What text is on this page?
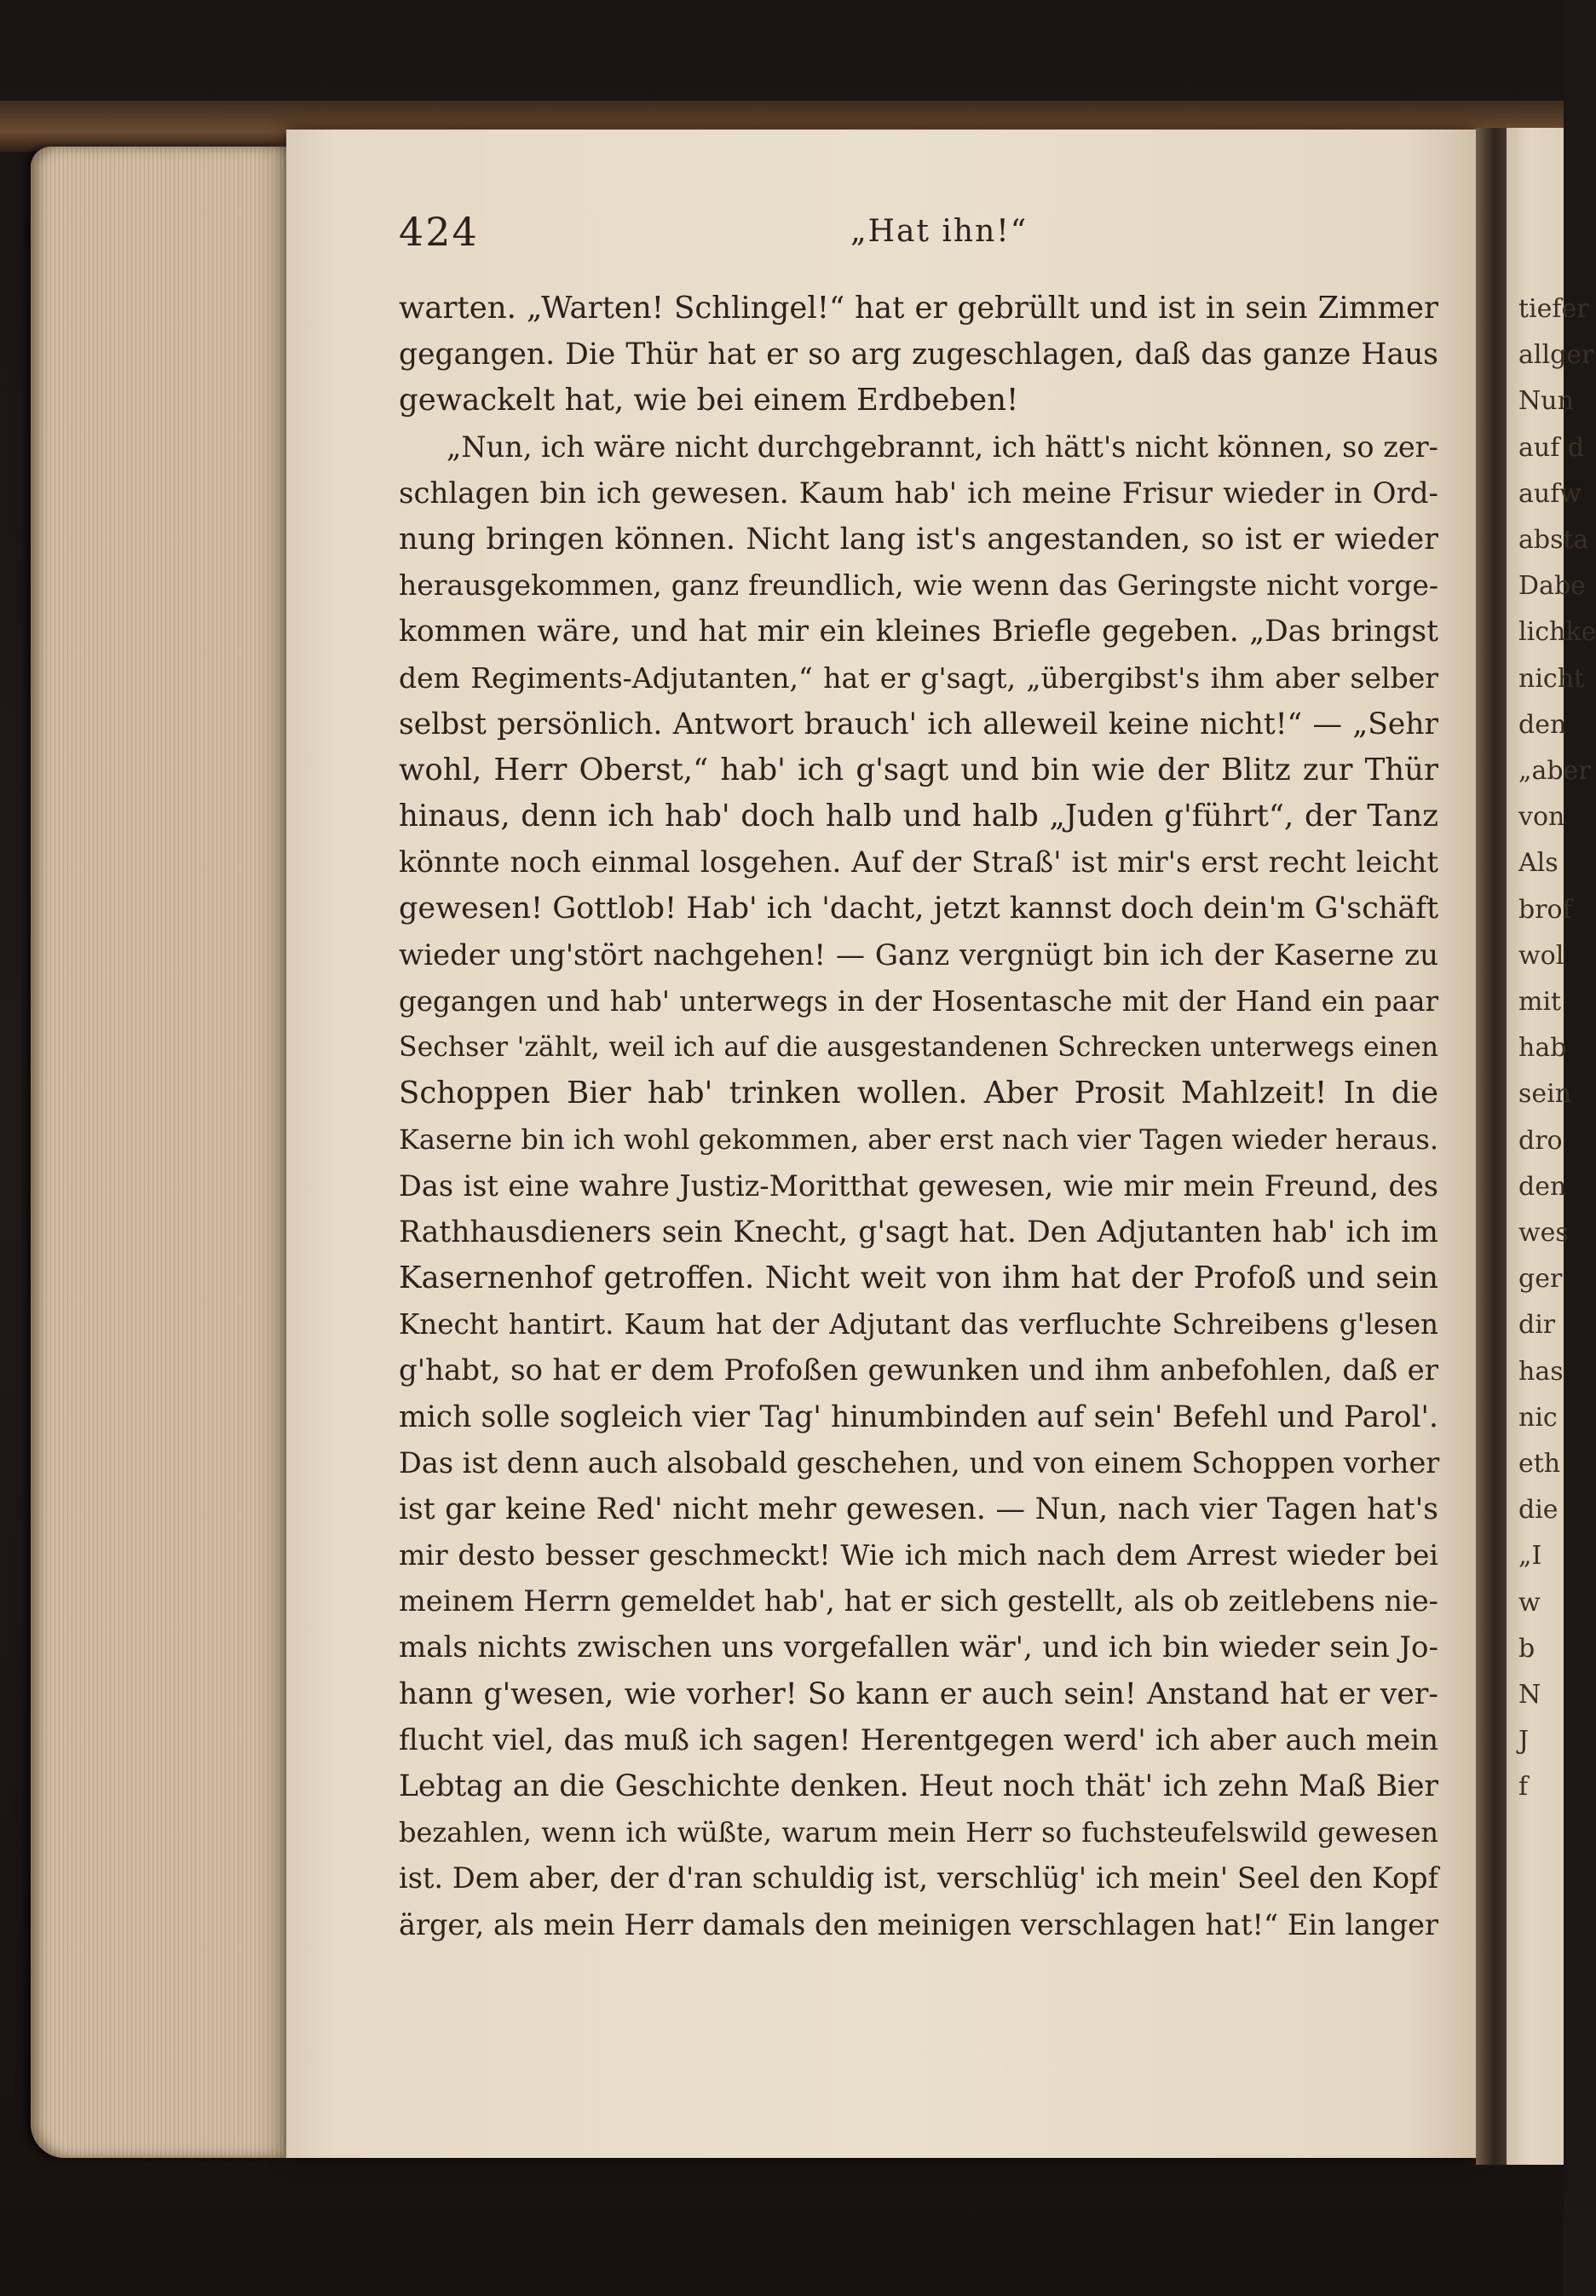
tiefer
allger
Nun
auf d
aufw
absta
Dabe
lichke
nicht
den
„aber
von
Als
brof
wol
mit
hab
sein
dro
den
wes
ger
dir
has
nic
eth
die
„I
w
b
N
J
f
424	„Hat ihn!“
warten. „Warten! Schlingel!“ hat er gebrüllt und ist in sein Zimmer
gegangen. Die Thür hat er so arg zugeschlagen, daß das ganze Haus
gewackelt hat, wie bei einem Erdbeben!
„Nun, ich wäre nicht durchgebrannt, ich hätt's nicht können, so zer-
schlagen bin ich gewesen. Kaum hab' ich meine Frisur wieder in Ord-
nung bringen können. Nicht lang ist's angestanden, so ist er wieder
herausgekommen, ganz freundlich, wie wenn das Geringste nicht vorge-
kommen wäre, und hat mir ein kleines Briefle gegeben. „Das bringst
dem Regiments-Adjutanten,“ hat er g'sagt, „übergibst's ihm aber selber
selbst persönlich. Antwort brauch' ich alleweil keine nicht!“ — „Sehr
wohl, Herr Oberst,“ hab' ich g'sagt und bin wie der Blitz zur Thür
hinaus, denn ich hab' doch halb und halb „Juden g'führt“, der Tanz
könnte noch einmal losgehen. Auf der Straß' ist mir's erst recht leicht
gewesen! Gottlob! Hab' ich 'dacht, jetzt kannst doch dein'm G'schäft
wieder ung'stört nachgehen! — Ganz vergnügt bin ich der Kaserne zu
gegangen und hab' unterwegs in der Hosentasche mit der Hand ein paar
Sechser 'zählt, weil ich auf die ausgestandenen Schrecken unterwegs einen
Schoppen Bier hab' trinken wollen. Aber Prosit Mahlzeit! In die
Kaserne bin ich wohl gekommen, aber erst nach vier Tagen wieder heraus.
Das ist eine wahre Justiz-Moritthat gewesen, wie mir mein Freund, des
Rathhausdieners sein Knecht, g'sagt hat. Den Adjutanten hab' ich im
Kasernenhof getroffen. Nicht weit von ihm hat der Profoß und sein
Knecht hantirt. Kaum hat der Adjutant das verfluchte Schreibens g'lesen
g'habt, so hat er dem Profoßen gewunken und ihm anbefohlen, daß er
mich solle sogleich vier Tag' hinumbinden auf sein' Befehl und Parol'.
Das ist denn auch alsobald geschehen, und von einem Schoppen vorher
ist gar keine Red' nicht mehr gewesen. — Nun, nach vier Tagen hat's
mir desto besser geschmeckt! Wie ich mich nach dem Arrest wieder bei
meinem Herrn gemeldet hab', hat er sich gestellt, als ob zeitlebens nie-
mals nichts zwischen uns vorgefallen wär', und ich bin wieder sein Jo-
hann g'wesen, wie vorher! So kann er auch sein! Anstand hat er ver-
flucht viel, das muß ich sagen! Herentgegen werd' ich aber auch mein
Lebtag an die Geschichte denken. Heut noch thät' ich zehn Maß Bier
bezahlen, wenn ich wüßte, warum mein Herr so fuchsteufelswild gewesen
ist. Dem aber, der d'ran schuldig ist, verschlüg' ich mein' Seel den Kopf
ärger, als mein Herr damals den meinigen verschlagen hat!“ Ein langer
